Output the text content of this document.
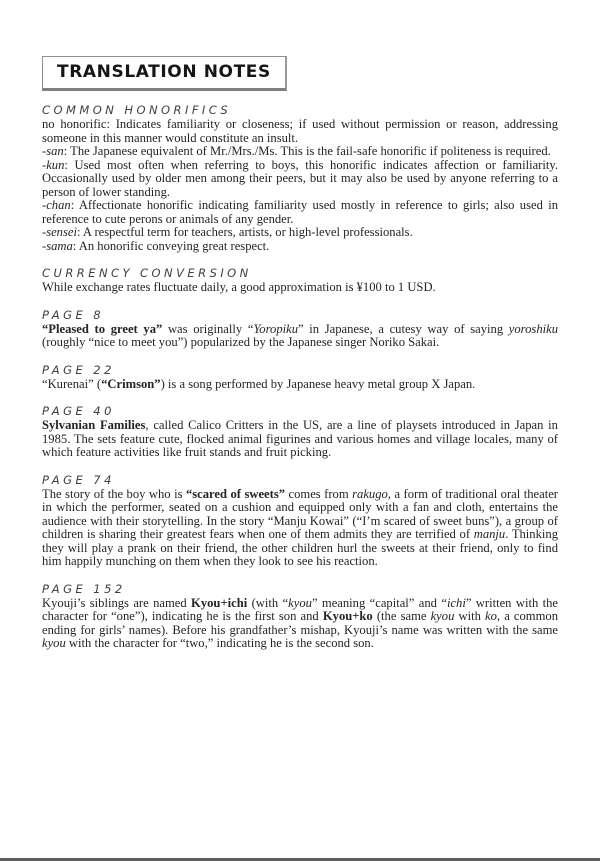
TRANSLATION NOTES
COMMON HONORIFICS

no honorific: Indicates familiarity or closeness; if used without permission or reason, addressing someone in this manner would constitute an insult.

-san: The Japanese equivalent of Mr./Mrs./Ms. This is the fail-safe honorific if politeness is required.

-kun: Used most often when referring to boys, this honorific indicates affection or familiarity. Occasionally used by older men among their peers, but it may also be used by anyone referring to a person of lower standing.

-chan: Affectionate honorific indicating familiarity used mostly in reference to girls; also used in reference to cute perons or animals of any gender.

-sensei: A respectful term for teachers, artists, or high-level professionals.

-sama: An honorific conveying great respect.

CURRENCY CONVERSION

While exchange rates fluctuate daily, a good approximation is ¥100 to 1 USD.

PAGE 8

“Pleased to greet ya” was originally “Yoropiku” in Japanese, a cutesy way of saying yoroshiku (roughly “nice to meet you”) popularized by the Japanese singer Noriko Sakai.

PAGE 22

“Kurenai” (“Crimson”) is a song performed by Japanese heavy metal group X Japan.

PAGE 40

Sylvanian Families, called Calico Critters in the US, are a line of playsets introduced in Japan in 1985. The sets feature cute, flocked animal figurines and various homes and village locales, many of which feature activities like fruit stands and fruit picking.

PAGE 74

The story of the boy who is “scared of sweets” comes from rakugo, a form of traditional oral theater in which the performer, seated on a cushion and equipped only with a fan and cloth, entertains the audience with their storytelling. In the story “Manju Kowai” (“I’m scared of sweet buns”), a group of children is sharing their greatest fears when one of them admits they are terrified of manju. Thinking they will play a prank on their friend, the other children hurl the sweets at their friend, only to find him happily munching on them when they look to see his reaction.

PAGE 152

Kyouji’s siblings are named Kyou+ichi (with “kyou” meaning “capital” and “ichi” written with the character for “one”), indicating he is the first son and Kyou+ko (the same kyou with ko, a common ending for girls’ names). Before his grandfather’s mishap, Kyouji’s name was written with the same kyou with the character for “two,” indicating he is the second son.
